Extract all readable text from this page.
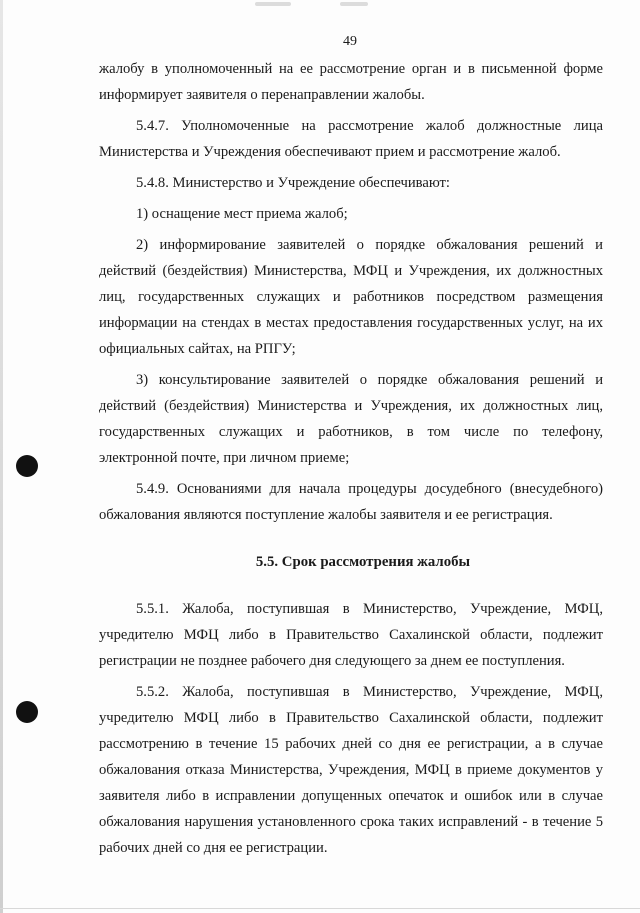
49

жалобу в уполномоченный на ее рассмотрение орган и в письменной форме информирует заявителя о перенаправлении жалобы.

5.4.7. Уполномоченные на рассмотрение жалоб должностные лица Министерства и Учреждения обеспечивают прием и рассмотрение жалоб.

5.4.8. Министерство и Учреждение обеспечивают:

1) оснащение мест приема жалоб;

2) информирование заявителей о порядке обжалования решений и действий (бездействия) Министерства, МФЦ и Учреждения, их должностных лиц, государственных служащих и работников посредством размещения информации на стендах в местах предоставления государственных услуг, на их официальных сайтах, на РПГУ;

3) консультирование заявителей о порядке обжалования решений и действий (бездействия) Министерства и Учреждения, их должностных лиц, государственных служащих и работников, в том числе по телефону, электронной почте, при личном приеме;

5.4.9. Основаниями для начала процедуры досудебного (внесудебного) обжалования являются поступление жалобы заявителя и ее регистрация.

5.5. Срок рассмотрения жалобы

5.5.1. Жалоба, поступившая в Министерство, Учреждение, МФЦ, учредителю МФЦ либо в Правительство Сахалинской области, подлежит регистрации не позднее рабочего дня следующего за днем ее поступления.

5.5.2. Жалоба, поступившая в Министерство, Учреждение, МФЦ, учредителю МФЦ либо в Правительство Сахалинской области, подлежит рассмотрению в течение 15 рабочих дней со дня ее регистрации, а в случае обжалования отказа Министерства, Учреждения, МФЦ в приеме документов у заявителя либо в исправлении допущенных опечаток и ошибок или в случае обжалования нарушения установленного срока таких исправлений - в течение 5 рабочих дней со дня ее регистрации.
